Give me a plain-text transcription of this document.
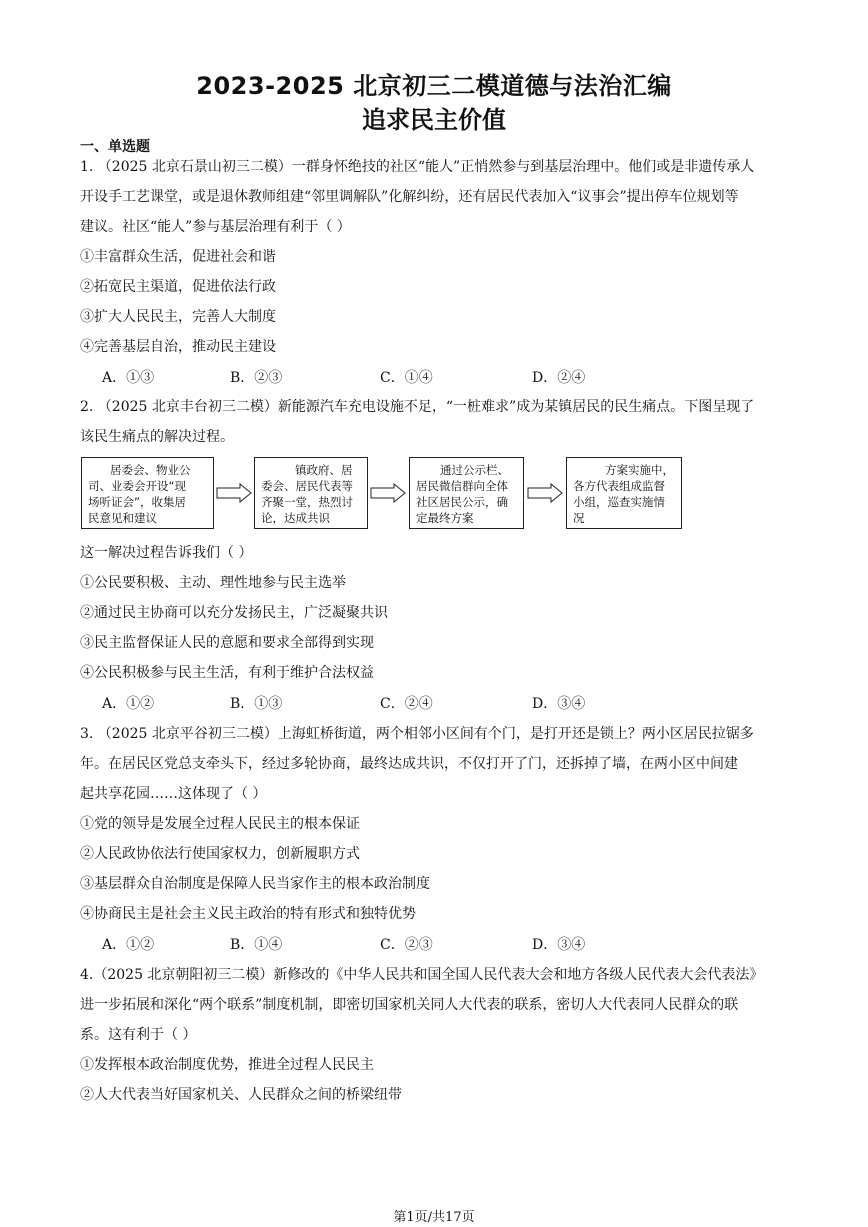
2023-2025 北京初三二模道德与法治汇编
追求民主价值
一、单选题
1. （2025 北京石景山初三二模）一群身怀绝技的社区“能人”正悄然参与到基层治理中。他们或是非遗传承人
开设手工艺课堂，或是退休教师组建“邻里调解队”化解纠纷，还有居民代表加入“议事会”提出停车位规划等
建议。社区“能人”参与基层治理有利于（ ）
①丰富群众生活，促进社会和谐
②拓宽民主渠道，促进依法行政
③扩大人民民主，完善人大制度
④完善基层自治，推动民主建设
A．①③	B．②③	C．①④	D．②④
2. （2025 北京丰台初三二模）新能源汽车充电设施不足，“一桩难求”成为某镇居民的民生痛点。下图呈现了
该民生痛点的解决过程。
居委会、物业公
司、业委会开设“现
场听证会”，收集居
民意见和建议
镇政府、居
委会、居民代表等
齐聚一堂，热烈讨
论，达成共识
通过公示栏、
居民微信群向全体
社区居民公示，确
定最终方案
方案实施中，
各方代表组成监督
小组，巡查实施情
况
这一解决过程告诉我们（ ）
①公民要积极、主动、理性地参与民主选举
②通过民主协商可以充分发扬民主，广泛凝聚共识
③民主监督保证人民的意愿和要求全部得到实现
④公民积极参与民主生活，有利于维护合法权益
A．①②	B．①③	C．②④	D．③④
3. （2025 北京平谷初三二模）上海虹桥街道，两个相邻小区间有个门，是打开还是锁上？两小区居民拉锯多
年。在居民区党总支牵头下，经过多轮协商，最终达成共识，不仅打开了门，还拆掉了墙，在两小区中间建
起共享花园……这体现了（ ）
①党的领导是发展全过程人民民主的根本保证
②人民政协依法行使国家权力，创新履职方式
③基层群众自治制度是保障人民当家作主的根本政治制度
④协商民主是社会主义民主政治的特有形式和独特优势
A．①②	B．①④	C．②③	D．③④
4.（2025 北京朝阳初三二模）新修改的《中华人民共和国全国人民代表大会和地方各级人民代表大会代表法》
进一步拓展和深化“两个联系”制度机制，即密切国家机关同人大代表的联系，密切人大代表同人民群众的联
系。这有利于（ ）
①发挥根本政治制度优势，推进全过程人民民主
②人大代表当好国家机关、人民群众之间的桥梁纽带
第1页/共17页
